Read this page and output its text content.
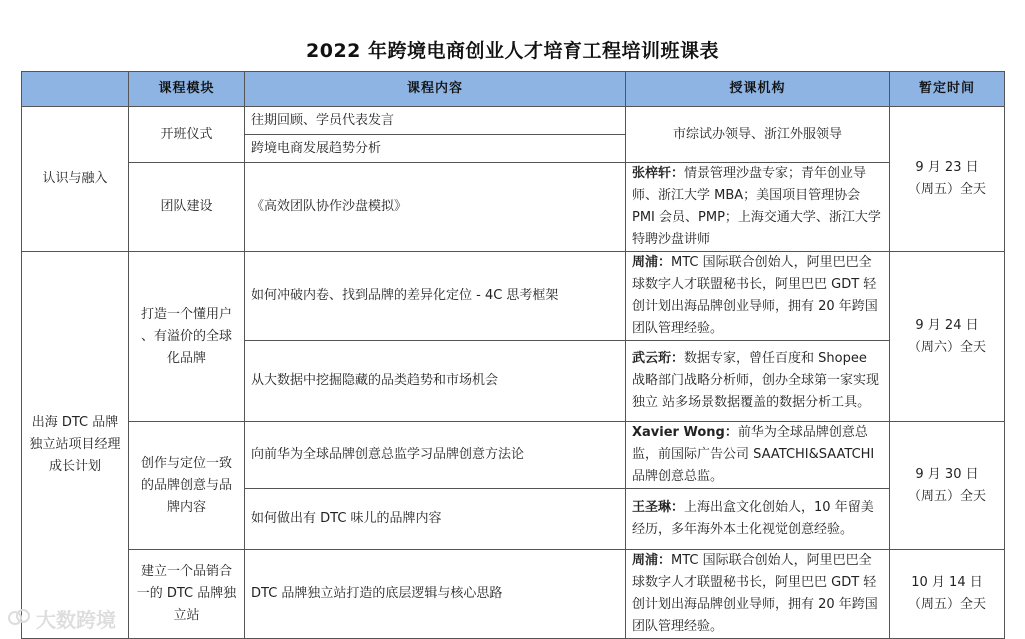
2022 年跨境电商创业人才培育工程培训班课表
	课程模块	课程内容	授课机构	暂定时间
认识与融入	开班仪式	往期回顾、学员代表发言	市综试办领导、浙江外服领导	9 月 23 日
（周五）全天

		跨境电商发展趋势分析		
	团队建设	《高效团队协作沙盘模拟》	张梓轩：情景管理沙盘专家；青年创业导师、浙江大学 MBA；美国项目管理协会 PMI 会员、PMP；上海交通大学、浙江大学特聘沙盘讲师	
出海 DTC 品牌独立站项目经理成长计划	打造一个懂用户 、有溢价的全球化品牌	如何冲破内卷、找到品牌的差异化定位 - 4C 思考框架	周浦：MTC 国际联合创始人，阿里巴巴全球数字人才联盟秘书长，阿里巴巴 GDT 轻创计划出海品牌创业导师，拥有 20 年跨国团队管理经验。	9 月 24 日
（周六）全天

		从大数据中挖掘隐藏的品类趋势和市场机会	武云珩：数据专家，曾任百度和 Shopee 战略部门战略分析师，创办全球第一家实现独立 站多场景数据覆盖的数据分析工具。	
	创作与定位一致的品牌创意与品牌内容	向前华为全球品牌创意总监学习品牌创意方法论	Xavier Wong：前华为全球品牌创意总监，前国际广告公司 SAATCHI&SAATCHI 品牌创意总监。	9 月 30 日
（周五）全天

		如何做出有 DTC 味儿的品牌内容	王圣琳：上海出盒文化创始人，10 年留美经历，多年海外本土化视觉创意经验。	
	建立一个品销合一的 DTC 品牌独立站	DTC 品牌独立站打造的底层逻辑与核心思路	周浦：MTC 国际联合创始人，阿里巴巴全球数字人才联盟秘书长，阿里巴巴 GDT 轻创计划出海品牌创业导师，拥有 20 年跨国团队管理经验。	10 月 14 日
（周五）全天
大数跨境
